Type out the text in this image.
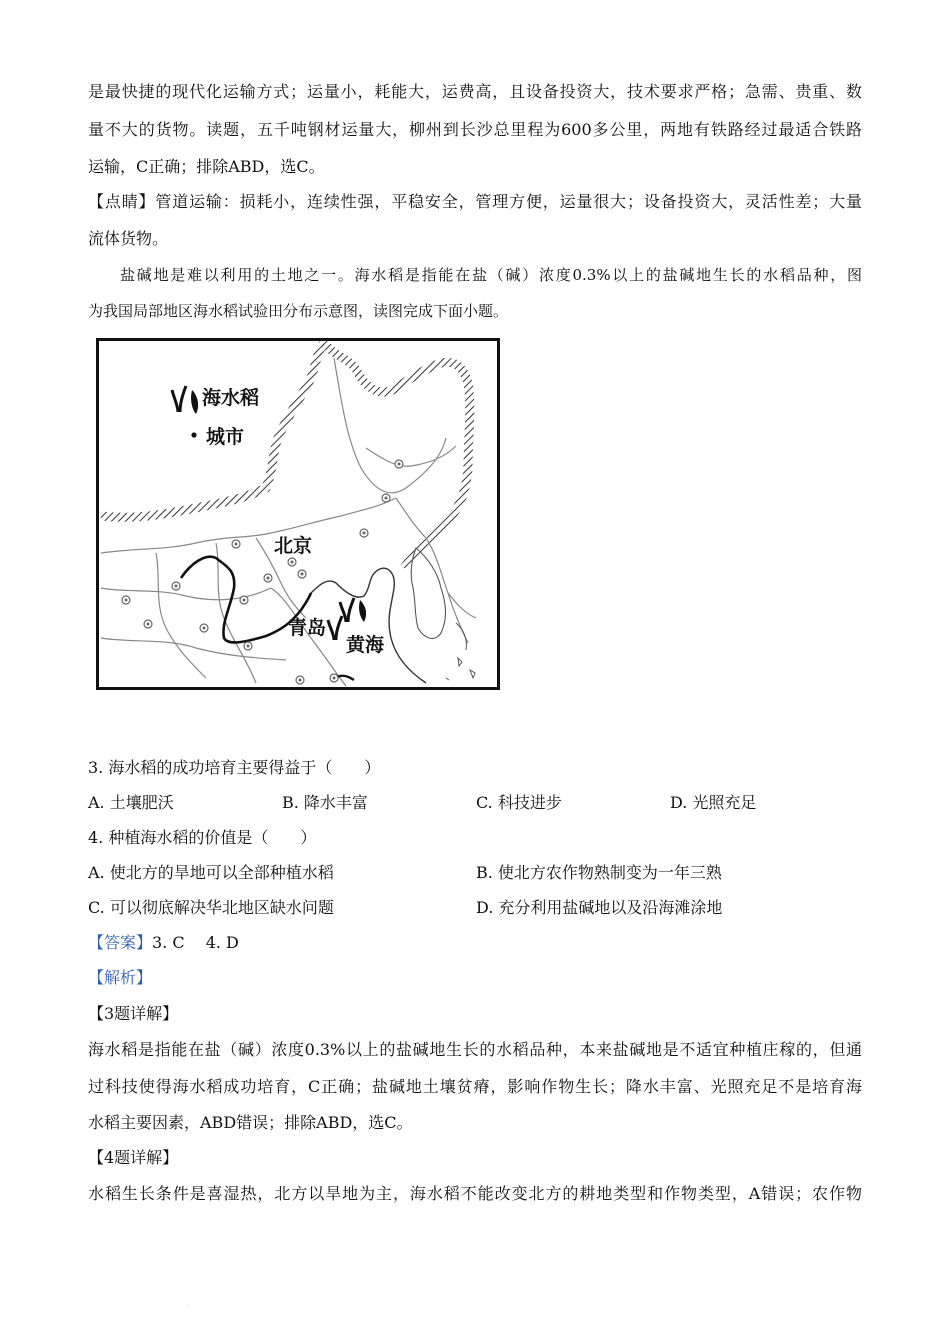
是最快捷的现代化运输方式；运量小，耗能大，运费高，且设备投资大，技术要求严格；急需、贵重、数
量不大的货物。读题，五千吨钢材运量大，柳州到长沙总里程为600多公里，两地有铁路经过最适合铁路
运输，C正确；排除ABD，选C。
【点睛】管道运输：损耗小，连续性强，平稳安全，管理方便，运量很大；设备投资大，灵活性差；大量
流体货物。
盐碱地是难以利用的土地之一。海水稻是指能在盐（碱）浓度0.3%以上的盐碱地生长的水稻品种，图
为我国局部地区海水稻试验田分布示意图，读图完成下面小题。
海水稻
城市
北京
青岛
黄海
3. 海水稻的成功培育主要得益于（　　）
A. 土壤肥沃	B. 降水丰富	C. 科技进步	D. 光照充足
4. 种植海水稻的价值是（　　）
A. 使北方的旱地可以全部种植水稻	B. 使北方农作物熟制变为一年三熟
C. 可以彻底解决华北地区缺水问题	D. 充分利用盐碱地以及沿海滩涂地
【答案】3. C　 4. D
【解析】
【3题详解】
海水稻是指能在盐（碱）浓度0.3%以上的盐碱地生长的水稻品种，本来盐碱地是不适宜种植庄稼的，但通
过科技使得海水稻成功培育，C正确；盐碱地土壤贫瘠，影响作物生长；降水丰富、光照充足不是培育海
水稻主要因素，ABD错误；排除ABD，选C。
【4题详解】
水稻生长条件是喜湿热，北方以旱地为主，海水稻不能改变北方的耕地类型和作物类型，A错误；农作物
·
